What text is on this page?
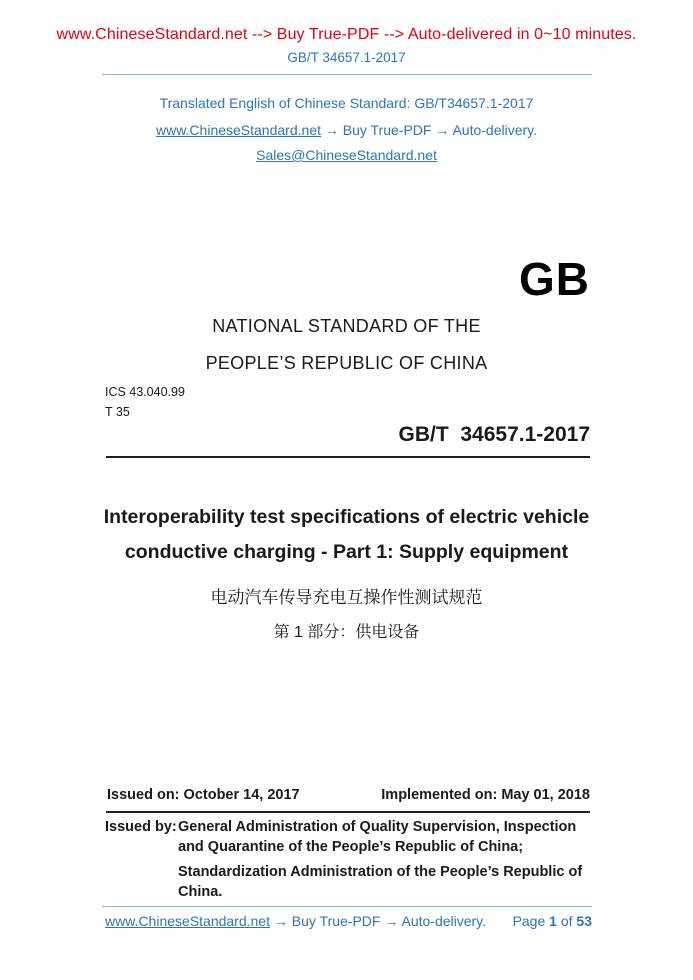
www.ChineseStandard.net --> Buy True-PDF --> Auto-delivered in 0~10 minutes.
GB/T 34657.1-2017
Translated English of Chinese Standard: GB/T34657.1-2017
www.ChineseStandard.net → Buy True-PDF → Auto-delivery.
Sales@ChineseStandard.net
GB
NATIONAL STANDARD OF THE
PEOPLE’S REPUBLIC OF CHINA
ICS 43.040.99
T 35
GB/T  34657.1-2017
Interoperability test specifications of electric vehicle
conductive charging - Part 1: Supply equipment
电动汽车传导充电互操作性测试规范
第 1 部分：供电设备
Issued on: October 14, 2017	Implemented on: May 01, 2018
Issued by: General Administration of Quality Supervision, Inspection and Quarantine of the People’s Republic of China;

Standardization Administration of the People’s Republic of China.

www.ChineseStandard.net → Buy True-PDF → Auto-delivery. Page 1 of 53
